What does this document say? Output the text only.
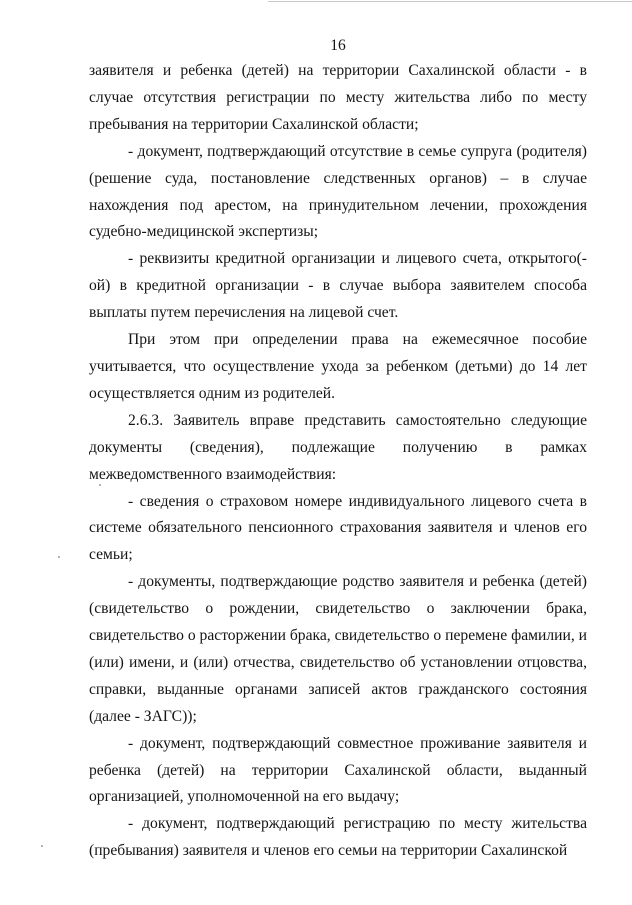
16

заявителя и ребенка (детей) на территории Сахалинской области - в случае отсутствия регистрации по месту жительства либо по месту пребывания на территории Сахалинской области;

- документ, подтверждающий отсутствие в семье супруга (родителя) (решение суда, постановление следственных органов) – в случае нахождения под арестом, на принудительном лечении, прохождения судебно-медицинской экспертизы;

- реквизиты кредитной организации и лицевого счета, открытого(-ой) в кредитной организации - в случае выбора заявителем способа выплаты путем перечисления на лицевой счет.

При этом при определении права на ежемесячное пособие учитывается, что осуществление ухода за ребенком (детьми) до 14 лет осуществляется одним из родителей.

2.6.3. Заявитель вправе представить самостоятельно следующие документы (сведения), подлежащие получению в рамках межведомственного взаимодействия:

- сведения о страховом номере индивидуального лицевого счета в системе обязательного пенсионного страхования заявителя и членов его семьи;

- документы, подтверждающие родство заявителя и ребенка (детей) (свидетельство о рождении, свидетельство о заключении брака, свидетельство о расторжении брака, свидетельство о перемене фамилии, и (или) имени, и (или) отчества, свидетельство об установлении отцовства, справки, выданные органами записей актов гражданского состояния (далее - ЗАГС));

- документ, подтверждающий совместное проживание заявителя и ребенка (детей) на территории Сахалинской области, выданный организацией, уполномоченной на его выдачу;

- документ, подтверждающий регистрацию по месту жительства (пребывания) заявителя и членов его семьи на территории Сахалинской
